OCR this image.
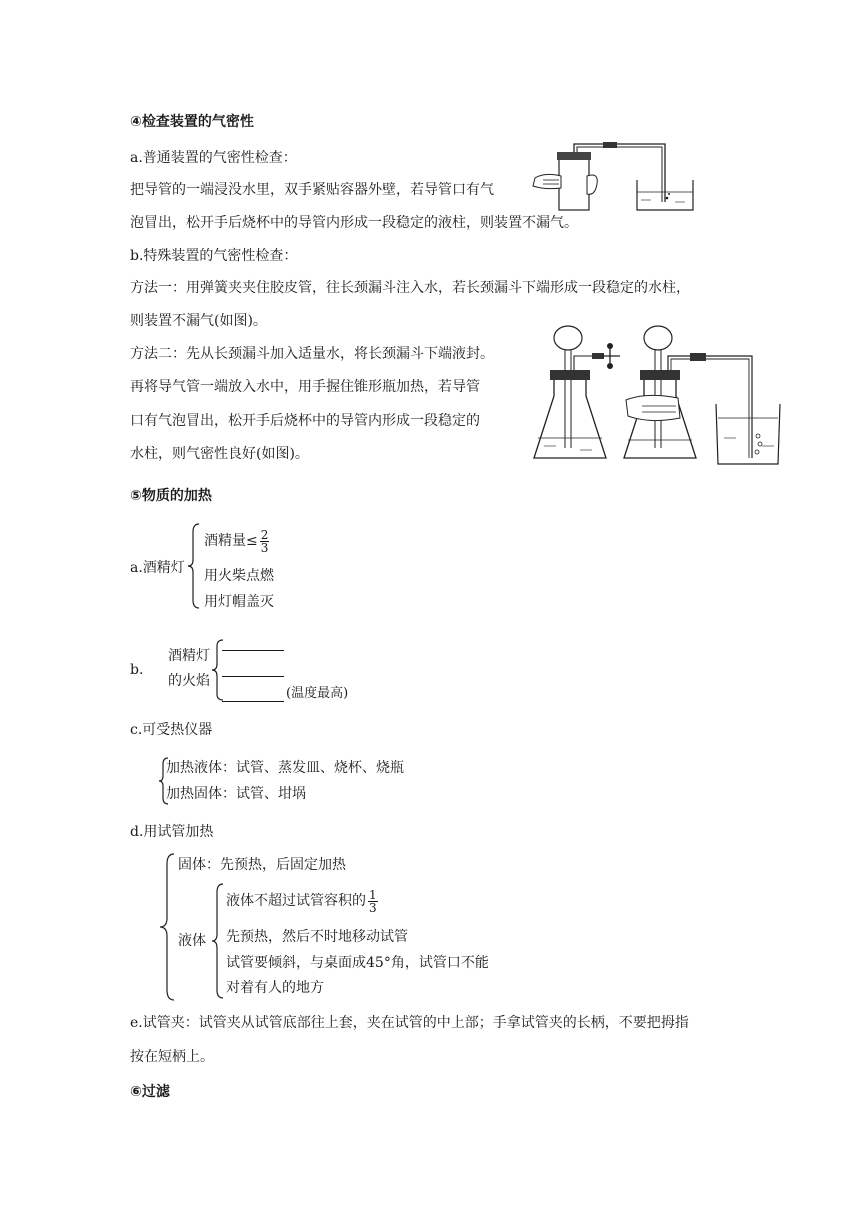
④检查装置的气密性
a.普通装置的气密性检查：
把导管的一端浸没水里，双手紧贴容器外壁，若导管口有气
泡冒出，松开手后烧杯中的导管内形成一段稳定的液柱，则装置不漏气。
b.特殊装置的气密性检查：
方法一：用弹簧夹夹住胶皮管，往长颈漏斗注入水，若长颈漏斗下端形成一段稳定的水柱，
则装置不漏气(如图)。
方法二：先从长颈漏斗加入适量水，将长颈漏斗下端液封。
再将导气管一端放入水中，用手握住锥形瓶加热，若导管
口有气泡冒出，松开手后烧杯中的导管内形成一段稳定的
水柱，则气密性良好(如图)。
⑤物质的加热
a.酒精灯
酒精量≤ $\frac{2}{3}$
用火柴点燃
用灯帽盖灭
b.
酒精灯
的火焰
(温度最高)
c.可受热仪器
加热液体：试管、蒸发皿、烧杯、烧瓶
加热固体：试管、坩埚
d.用试管加热
固体：先预热，后固定加热
液体
液体不超过试管容积的 $\frac{1}{3}$
先预热，然后不时地移动试管
试管要倾斜，与桌面成45°角，试管口不能
对着有人的地方
e.试管夹：试管夹从试管底部往上套，夹在试管的中上部；手拿试管夹的长柄，不要把拇指
按在短柄上。
⑥过滤
